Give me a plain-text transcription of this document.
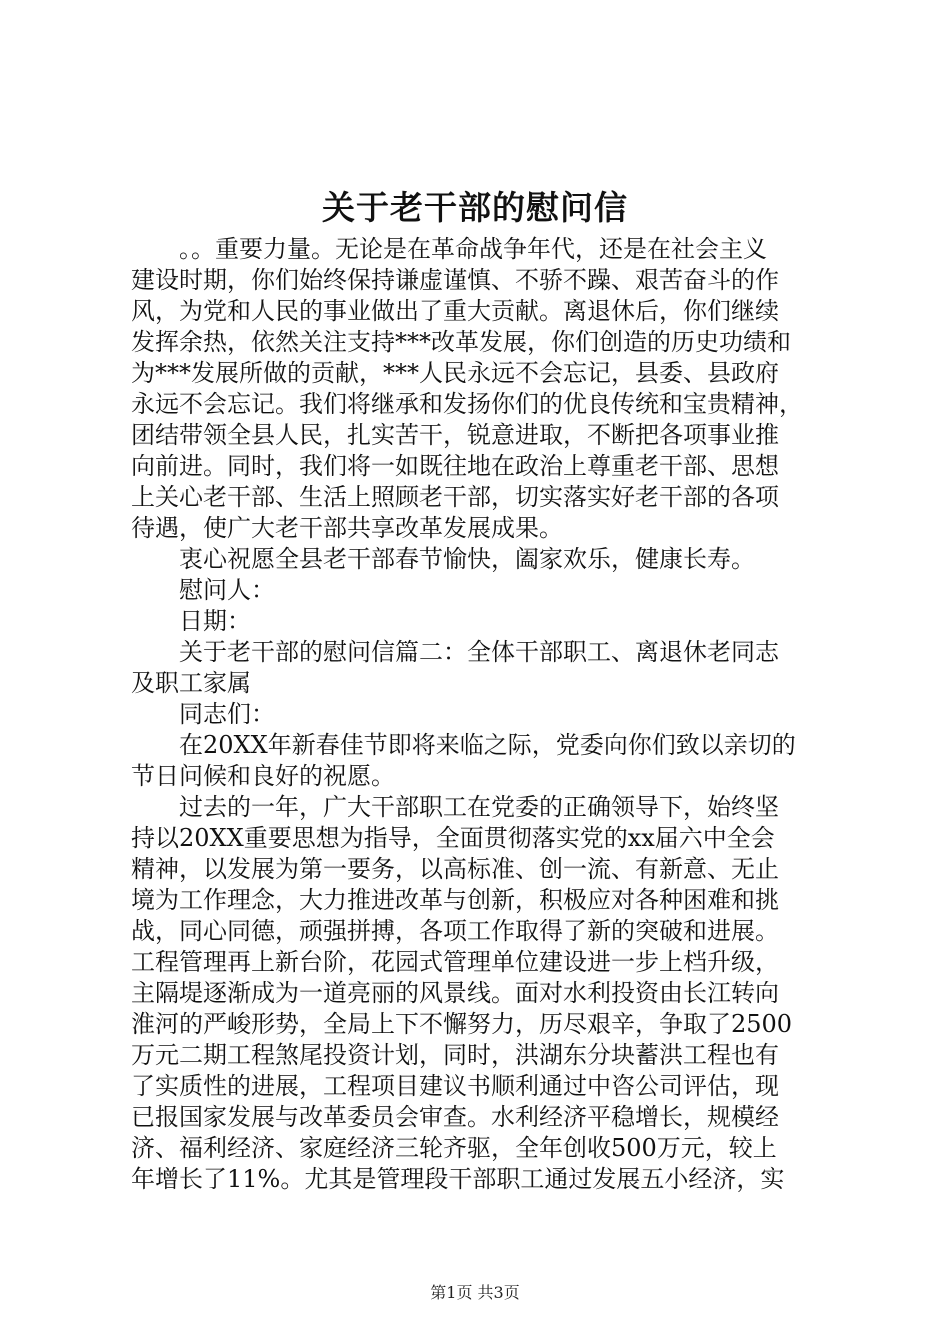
关于老干部的慰问信

。。重要力量。无论是在革命战争年代，还是在社会主义
建设时期，你们始终保持谦虚谨慎、不骄不躁、艰苦奋斗的作
风，为党和人民的事业做出了重大贡献。离退休后，你们继续
发挥余热，依然关注支持***改革发展，你们创造的历史功绩和
为***发展所做的贡献，***人民永远不会忘记，县委、县政府
永远不会忘记。我们将继承和发扬你们的优良传统和宝贵精神，
团结带领全县人民，扎实苦干，锐意进取，不断把各项事业推
向前进。同时，我们将一如既往地在政治上尊重老干部、思想
上关心老干部、生活上照顾老干部，切实落实好老干部的各项
待遇，使广大老干部共享改革发展成果。

衷心祝愿全县老干部春节愉快，阖家欢乐，健康长寿。

慰问人：

日期：

关于老干部的慰问信篇二：全体干部职工、离退休老同志
及职工家属

同志们：

在20XX年新春佳节即将来临之际，党委向你们致以亲切的
节日问候和良好的祝愿。

过去的一年，广大干部职工在党委的正确领导下，始终坚
持以20XX重要思想为指导，全面贯彻落实党的xx届六中全会
精神，以发展为第一要务，以高标准、创一流、有新意、无止
境为工作理念，大力推进改革与创新，积极应对各种困难和挑
战，同心同德，顽强拼搏，各项工作取得了新的突破和进展。
工程管理再上新台阶，花园式管理单位建设进一步上档升级，
主隔堤逐渐成为一道亮丽的风景线。面对水利投资由长江转向
淮河的严峻形势，全局上下不懈努力，历尽艰辛，争取了2500
万元二期工程煞尾投资计划，同时，洪湖东分块蓄洪工程也有
了实质性的进展，工程项目建议书顺利通过中咨公司评估，现
已报国家发展与改革委员会审查。水利经济平稳增长，规模经
济、福利经济、家庭经济三轮齐驱，全年创收500万元，较上
年增长了11%。尤其是管理段干部职工通过发展五小经济，实

第1页 共3页
